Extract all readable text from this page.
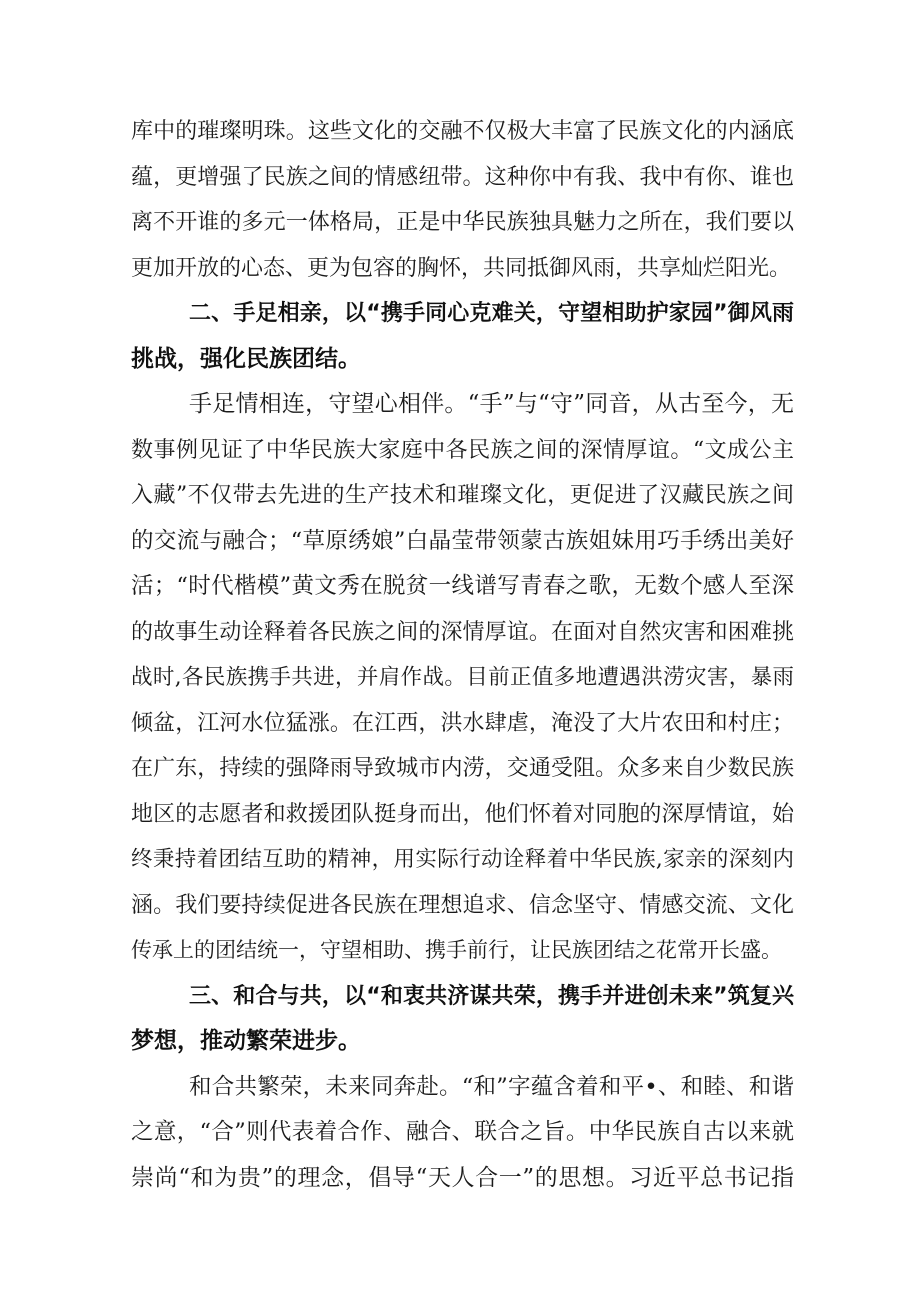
库中的璀璨明珠。这些文化的交融不仅极大丰富了民族文化的内涵底
蕴，更增强了民族之间的情感纽带。这种你中有我、我中有你、谁也
离不开谁的多元一体格局，正是中华民族独具魅力之所在，我们要以
更加开放的心态、更为包容的胸怀，共同抵御风雨，共享灿烂阳光。
二、手足相亲，以“携手同心克难关，守望相助护家园”御风雨
挑战，强化民族团结。
手足情相连，守望心相伴。“手”与“守”同音，从古至今，无
数事例见证了中华民族大家庭中各民族之间的深情厚谊。“文成公主
入藏”不仅带去先进的生产技术和璀璨文化，更促进了汉藏民族之间
的交流与融合；“草原绣娘”白晶莹带领蒙古族姐妹用巧手绣出美好
活；“时代楷模”黄文秀在脱贫一线谱写青春之歌，无数个感人至深
的故事生动诠释着各民族之间的深情厚谊。在面对自然灾害和困难挑
战时,各民族携手共进，并肩作战。目前正值多地遭遇洪涝灾害，暴雨
倾盆，江河水位猛涨。在江西，洪水肆虐，淹没了大片农田和村庄；
在广东，持续的强降雨导致城市内涝，交通受阻。众多来自少数民族
地区的志愿者和救援团队挺身而出，他们怀着对同胞的深厚情谊，始
终秉持着团结互助的精神，用实际行动诠释着中华民族,家亲的深刻内
涵。我们要持续促进各民族在理想追求、信念坚守、情感交流、文化
传承上的团结统一，守望相助、携手前行，让民族团结之花常开长盛。
三、和合与共，以“和衷共济谋共荣，携手并进创未来”筑复兴
梦想，推动繁荣进步。
和合共繁荣，未来同奔赴。“和”字蕴含着和平•、和睦、和谐
之意，“合”则代表着合作、融合、联合之旨。中华民族自古以来就
崇尚“和为贵”的理念，倡导“天人合一”的思想。习近平总书记指
